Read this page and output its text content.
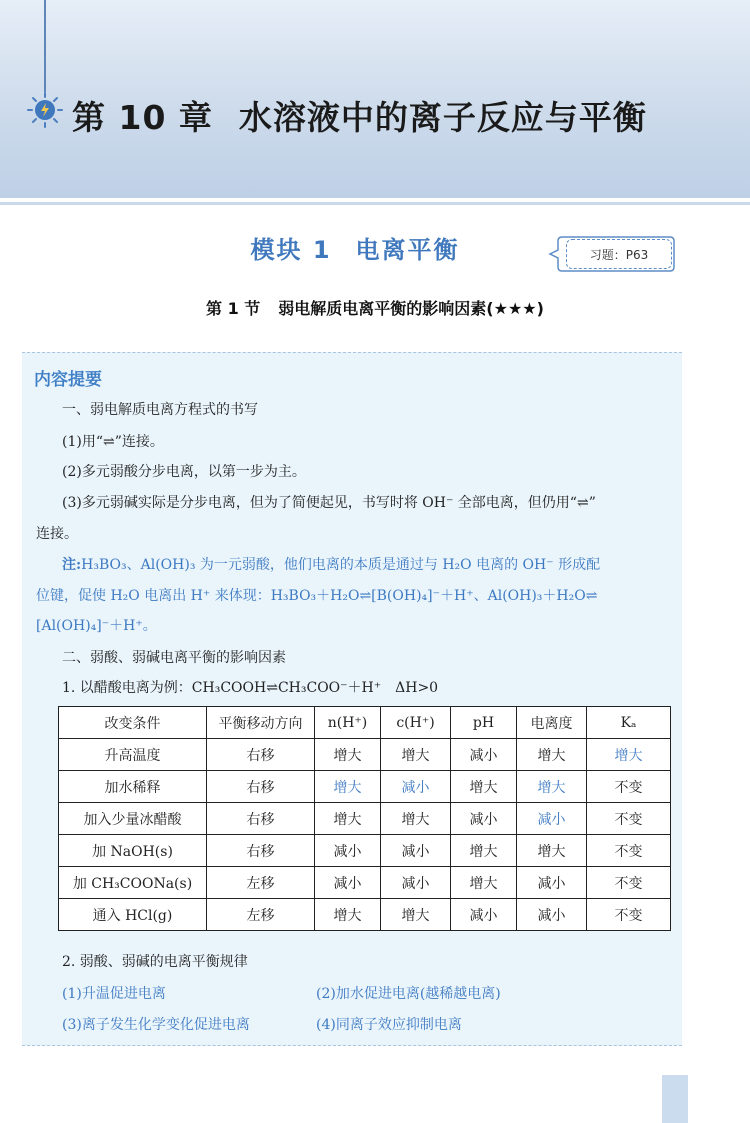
第 10 章 水溶液中的离子反应与平衡
模块 1 电离平衡	习题：P63
第 1 节 弱电解质电离平衡的影响因素(★★★)
内容提要
一、弱电解质电离方程式的书写
(1)用“⇌”连接。
(2)多元弱酸分步电离，以第一步为主。
(3)多元弱碱实际是分步电离，但为了简便起见，书写时将 OH⁻ 全部电离，但仍用“⇌”
连接。
注:H₃BO₃、Al(OH)₃ 为一元弱酸，他们电离的本质是通过与 H₂O 电离的 OH⁻ 形成配
位键，促使 H₂O 电离出 H⁺ 来体现：H₃BO₃＋H₂O⇌[B(OH)₄]⁻＋H⁺、Al(OH)₃＋H₂O⇌
[Al(OH)₄]⁻＋H⁺。
二、弱酸、弱碱电离平衡的影响因素
1. 以醋酸电离为例：CH₃COOH⇌CH₃COO⁻＋H⁺　ΔH>0
改变条件	平衡移动方向	n(H⁺)	c(H⁺)	pH	电离度	Kₐ
升高温度	右移	增大	增大	减小	增大	增大
加水稀释	右移	增大	减小	增大	增大	不变
加入少量冰醋酸	右移	增大	增大	减小	减小	不变
加 NaOH(s)	右移	减小	减小	增大	增大	不变
加 CH₃COONa(s)	左移	减小	减小	增大	减小	不变
通入 HCl(g)	左移	增大	增大	减小	减小	不变
2. 弱酸、弱碱的电离平衡规律
(1)升温促进电离	(2)加水促进电离(越稀越电离)
(3)离子发生化学变化促进电离	(4)同离子效应抑制电离
